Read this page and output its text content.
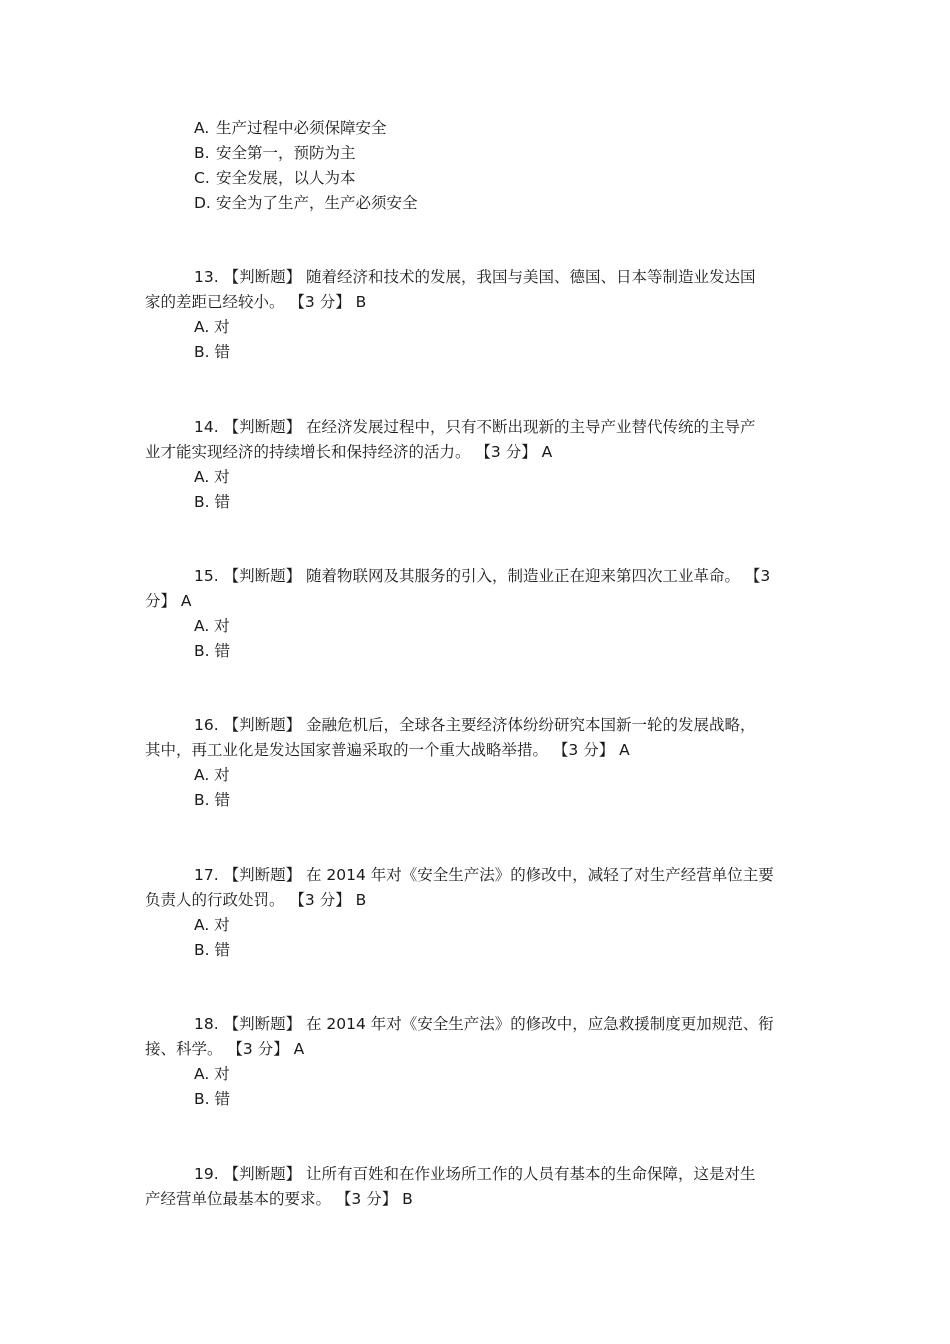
A. 生产过程中必须保障安全
B. 安全第一，预防为主
C. 安全发展，以人为本
D. 安全为了生产，生产必须安全
13. 【判断题】 随着经济和技术的发展，我国与美国、德国、日本等制造业发达国
家的差距已经较小。 【3 分】 B
A. 对
B. 错
14. 【判断题】 在经济发展过程中，只有不断出现新的主导产业替代传统的主导产
业才能实现经济的持续增长和保持经济的活力。 【3 分】 A
A. 对
B. 错
15. 【判断题】 随着物联网及其服务的引入，制造业正在迎来第四次工业革命。 【3
分】 A
A. 对
B. 错
16. 【判断题】 金融危机后，全球各主要经济体纷纷研究本国新一轮的发展战略，
其中，再工业化是发达国家普遍采取的一个重大战略举措。 【3 分】 A
A. 对
B. 错
17. 【判断题】 在 2014 年对《安全生产法》的修改中，减轻了对生产经营单位主要
负责人的行政处罚。 【3 分】 B
A. 对
B. 错
18. 【判断题】 在 2014 年对《安全生产法》的修改中，应急救援制度更加规范、衔
接、科学。 【3 分】 A
A. 对
B. 错
19. 【判断题】 让所有百姓和在作业场所工作的人员有基本的生命保障，这是对生
产经营单位最基本的要求。 【3 分】 B
